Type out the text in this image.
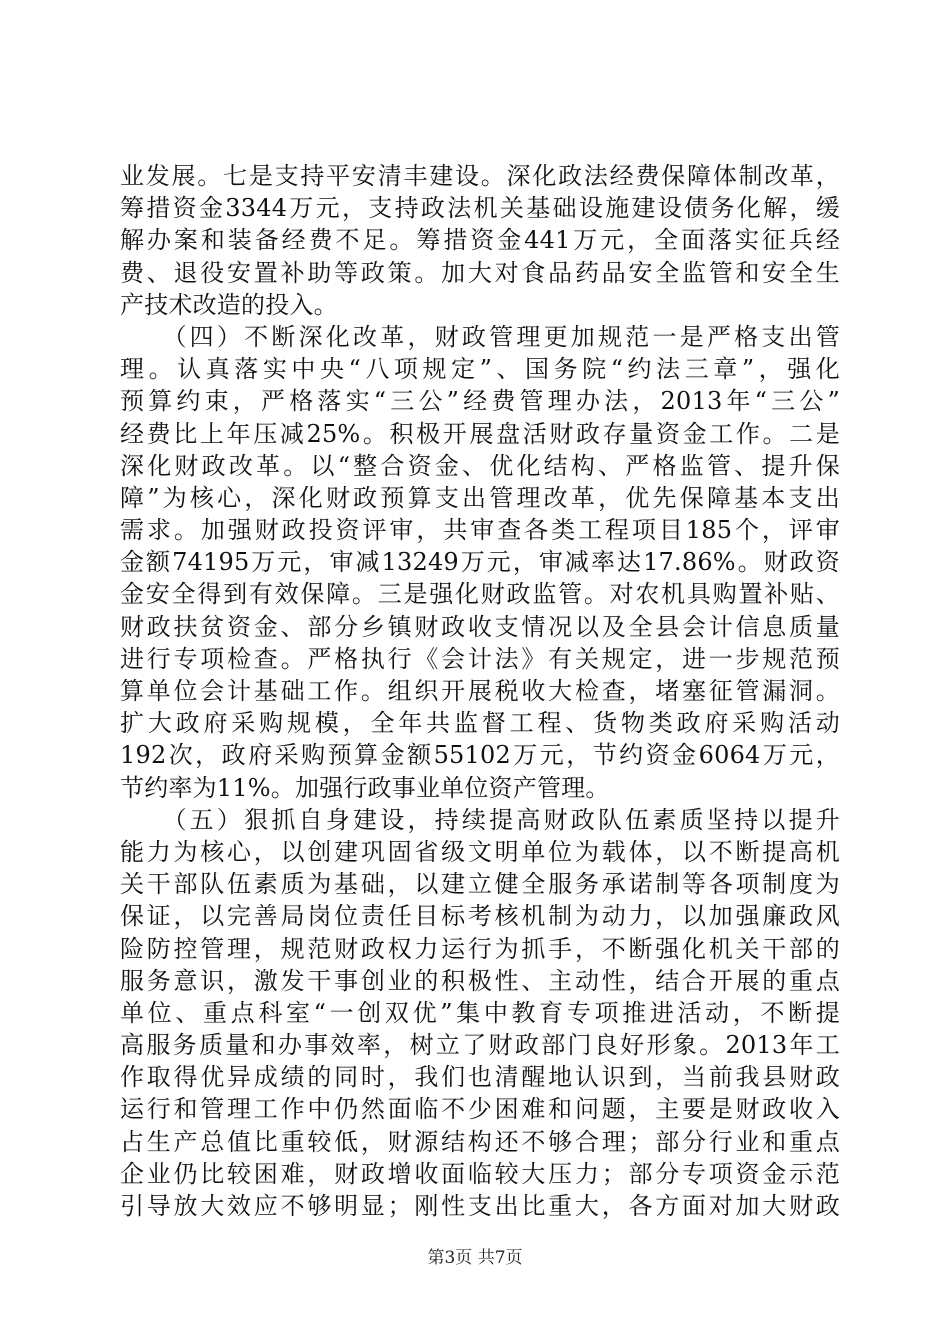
业发展。七是支持平安清丰建设。深化政法经费保障体制改革，
筹措资金3344万元，支持政法机关基础设施建设债务化解，缓
解办案和装备经费不足。筹措资金441万元，全面落实征兵经
费、退役安置补助等政策。加大对食品药品安全监管和安全生
产技术改造的投入。
　　（四）不断深化改革，财政管理更加规范一是严格支出管
理。认真落实中央“八项规定”、国务院“约法三章”，强化
预算约束，严格落实“三公”经费管理办法，2013年“三公”
经费比上年压减25%。积极开展盘活财政存量资金工作。二是
深化财政改革。以“整合资金、优化结构、严格监管、提升保
障”为核心，深化财政预算支出管理改革，优先保障基本支出
需求。加强财政投资评审，共审查各类工程项目185个，评审
金额74195万元，审减13249万元，审减率达17.86%。财政资
金安全得到有效保障。三是强化财政监管。对农机具购置补贴、
财政扶贫资金、部分乡镇财政收支情况以及全县会计信息质量
进行专项检查。严格执行《会计法》有关规定，进一步规范预
算单位会计基础工作。组织开展税收大检查，堵塞征管漏洞。
扩大政府采购规模，全年共监督工程、货物类政府采购活动
192次，政府采购预算金额55102万元，节约资金6064万元，
节约率为11%。加强行政事业单位资产管理。
　　（五）狠抓自身建设，持续提高财政队伍素质坚持以提升
能力为核心，以创建巩固省级文明单位为载体，以不断提高机
关干部队伍素质为基础，以建立健全服务承诺制等各项制度为
保证，以完善局岗位责任目标考核机制为动力，以加强廉政风
险防控管理，规范财政权力运行为抓手，不断强化机关干部的
服务意识，激发干事创业的积极性、主动性，结合开展的重点
单位、重点科室“一创双优”集中教育专项推进活动，不断提
高服务质量和办事效率，树立了财政部门良好形象。2013年工
作取得优异成绩的同时，我们也清醒地认识到，当前我县财政
运行和管理工作中仍然面临不少困难和问题，主要是财政收入
占生产总值比重较低，财源结构还不够合理；部分行业和重点
企业仍比较困难，财政增收面临较大压力；部分专项资金示范
引导放大效应不够明显；刚性支出比重大，各方面对加大财政
第3页 共7页
